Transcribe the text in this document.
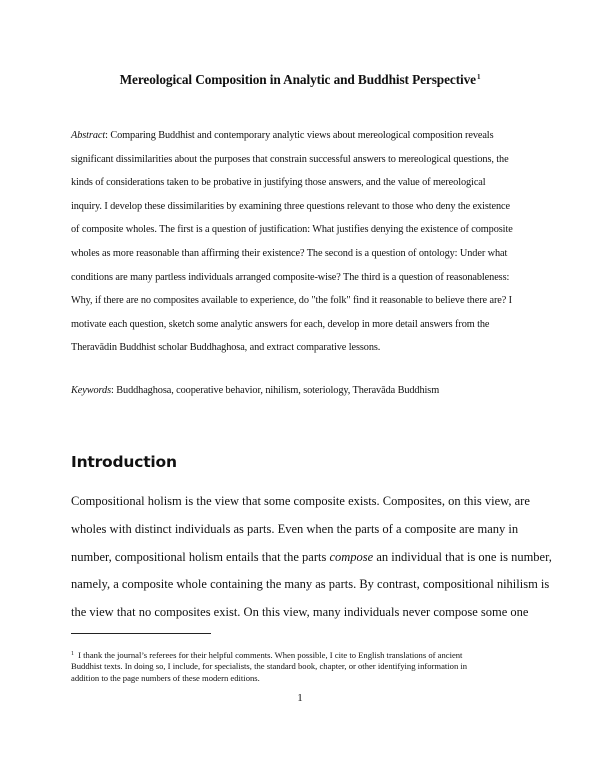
Mereological Composition in Analytic and Buddhist Perspective$^1$
Abstract: Comparing Buddhist and contemporary analytic views about mereological composition reveals
significant dissimilarities about the purposes that constrain successful answers to mereological questions, the
kinds of considerations taken to be probative in justifying those answers, and the value of mereological
inquiry. I develop these dissimilarities by examining three questions relevant to those who deny the existence
of composite wholes. The first is a question of justification: What justifies denying the existence of composite
wholes as more reasonable than affirming their existence? The second is a question of ontology: Under what
conditions are many partless individuals arranged composite-wise? The third is a question of reasonableness:
Why, if there are no composites available to experience, do "the folk" find it reasonable to believe there are? I
motivate each question, sketch some analytic answers for each, develop in more detail answers from the
Theravādin Buddhist scholar Buddhaghosa, and extract comparative lessons.
Keywords: Buddhaghosa, cooperative behavior, nihilism, soteriology, Theravāda Buddhism
Introduction
Compositional holism is the view that some composite exists. Composites, on this view, are
wholes with distinct individuals as parts. Even when the parts of a composite are many in
number, compositional holism entails that the parts compose an individual that is one is number,
namely, a composite whole containing the many as parts. By contrast, compositional nihilism is
the view that no composites exist. On this view, many individuals never compose some one
$^1$ I thank the journal’s referees for their helpful comments. When possible, I cite to English translations of ancient
Buddhist texts. In doing so, I include, for specialists, the standard book, chapter, or other identifying information in
addition to the page numbers of these modern editions.
1
